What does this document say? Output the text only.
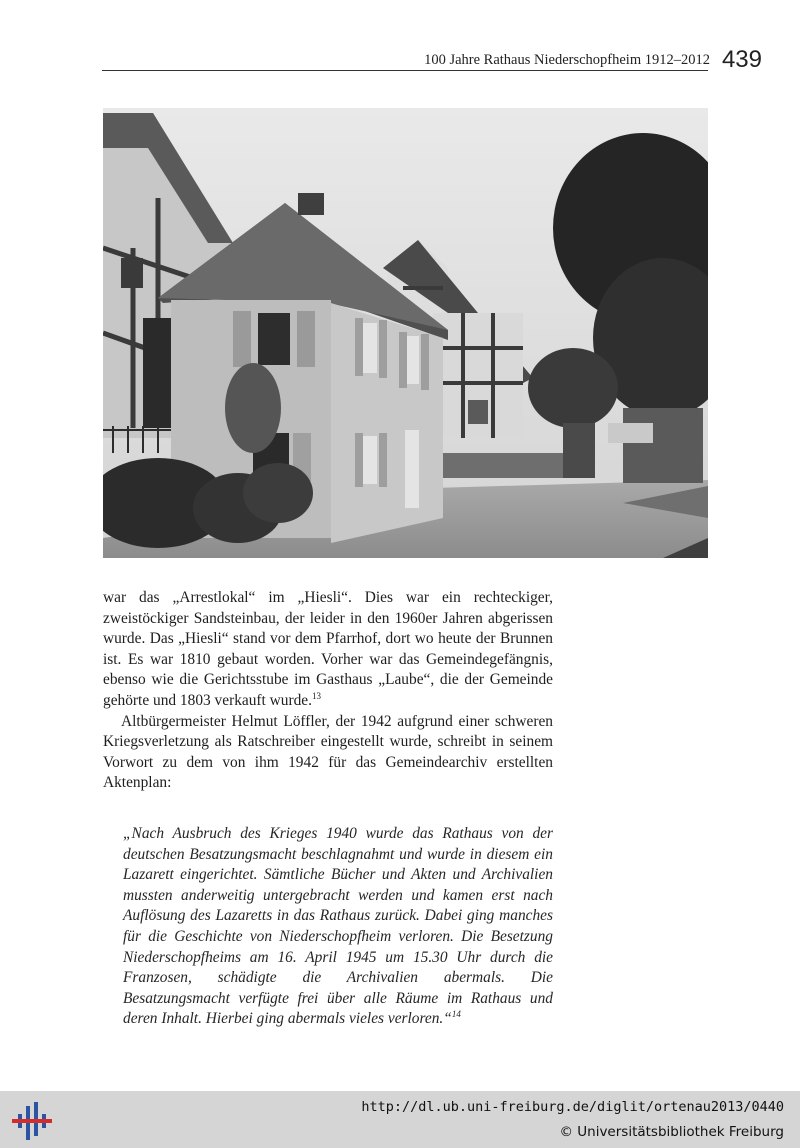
100 Jahre Rathaus Niederschopfheim 1912–2012 439

war das „Arrestlokal“ im „Hiesli“. Dies war ein rechteckiger, zweistöckiger Sandsteinbau, der leider in den 1960er Jahren abgerissen wurde. Das „Hiesli“ stand vor dem Pfarrhof, dort wo heute der Brunnen ist. Es war 1810 gebaut worden. Vorher war das Gemeindegefängnis, ebenso wie die Gerichtsstube im Gasthaus „Laube“, die der Gemeinde gehörte und 1803 verkauft wurde.$^{13}$

Altbürgermeister Helmut Löffler, der 1942 aufgrund einer schweren Kriegsverletzung als Ratschreiber eingestellt wurde, schreibt in seinem Vorwort zu dem von ihm 1942 für das Gemeindearchiv erstellten Aktenplan:

„Nach Ausbruch des Krieges 1940 wurde das Rathaus von der deutschen Besatzungsmacht beschlagnahmt und wurde in diesem ein Lazarett eingerichtet. Sämtliche Bücher und Akten und Archivalien mussten anderweitig untergebracht werden und kamen erst nach Auflösung des Lazaretts in das Rathaus zurück. Dabei ging manches für die Geschichte von Niederschopfheim verloren. Die Besetzung Niederschopfheims am 16. April 1945 um 15.30 Uhr durch die Franzosen, schädigte die Archivalien abermals. Die Besatzungsmacht verfügte frei über alle Räume im Rathaus und deren Inhalt. Hierbei ging abermals vieles verloren.“$^{14}$
http://dl.ub.uni-freiburg.de/diglit/ortenau2013/0440
© Universitätsbibliothek Freiburg
